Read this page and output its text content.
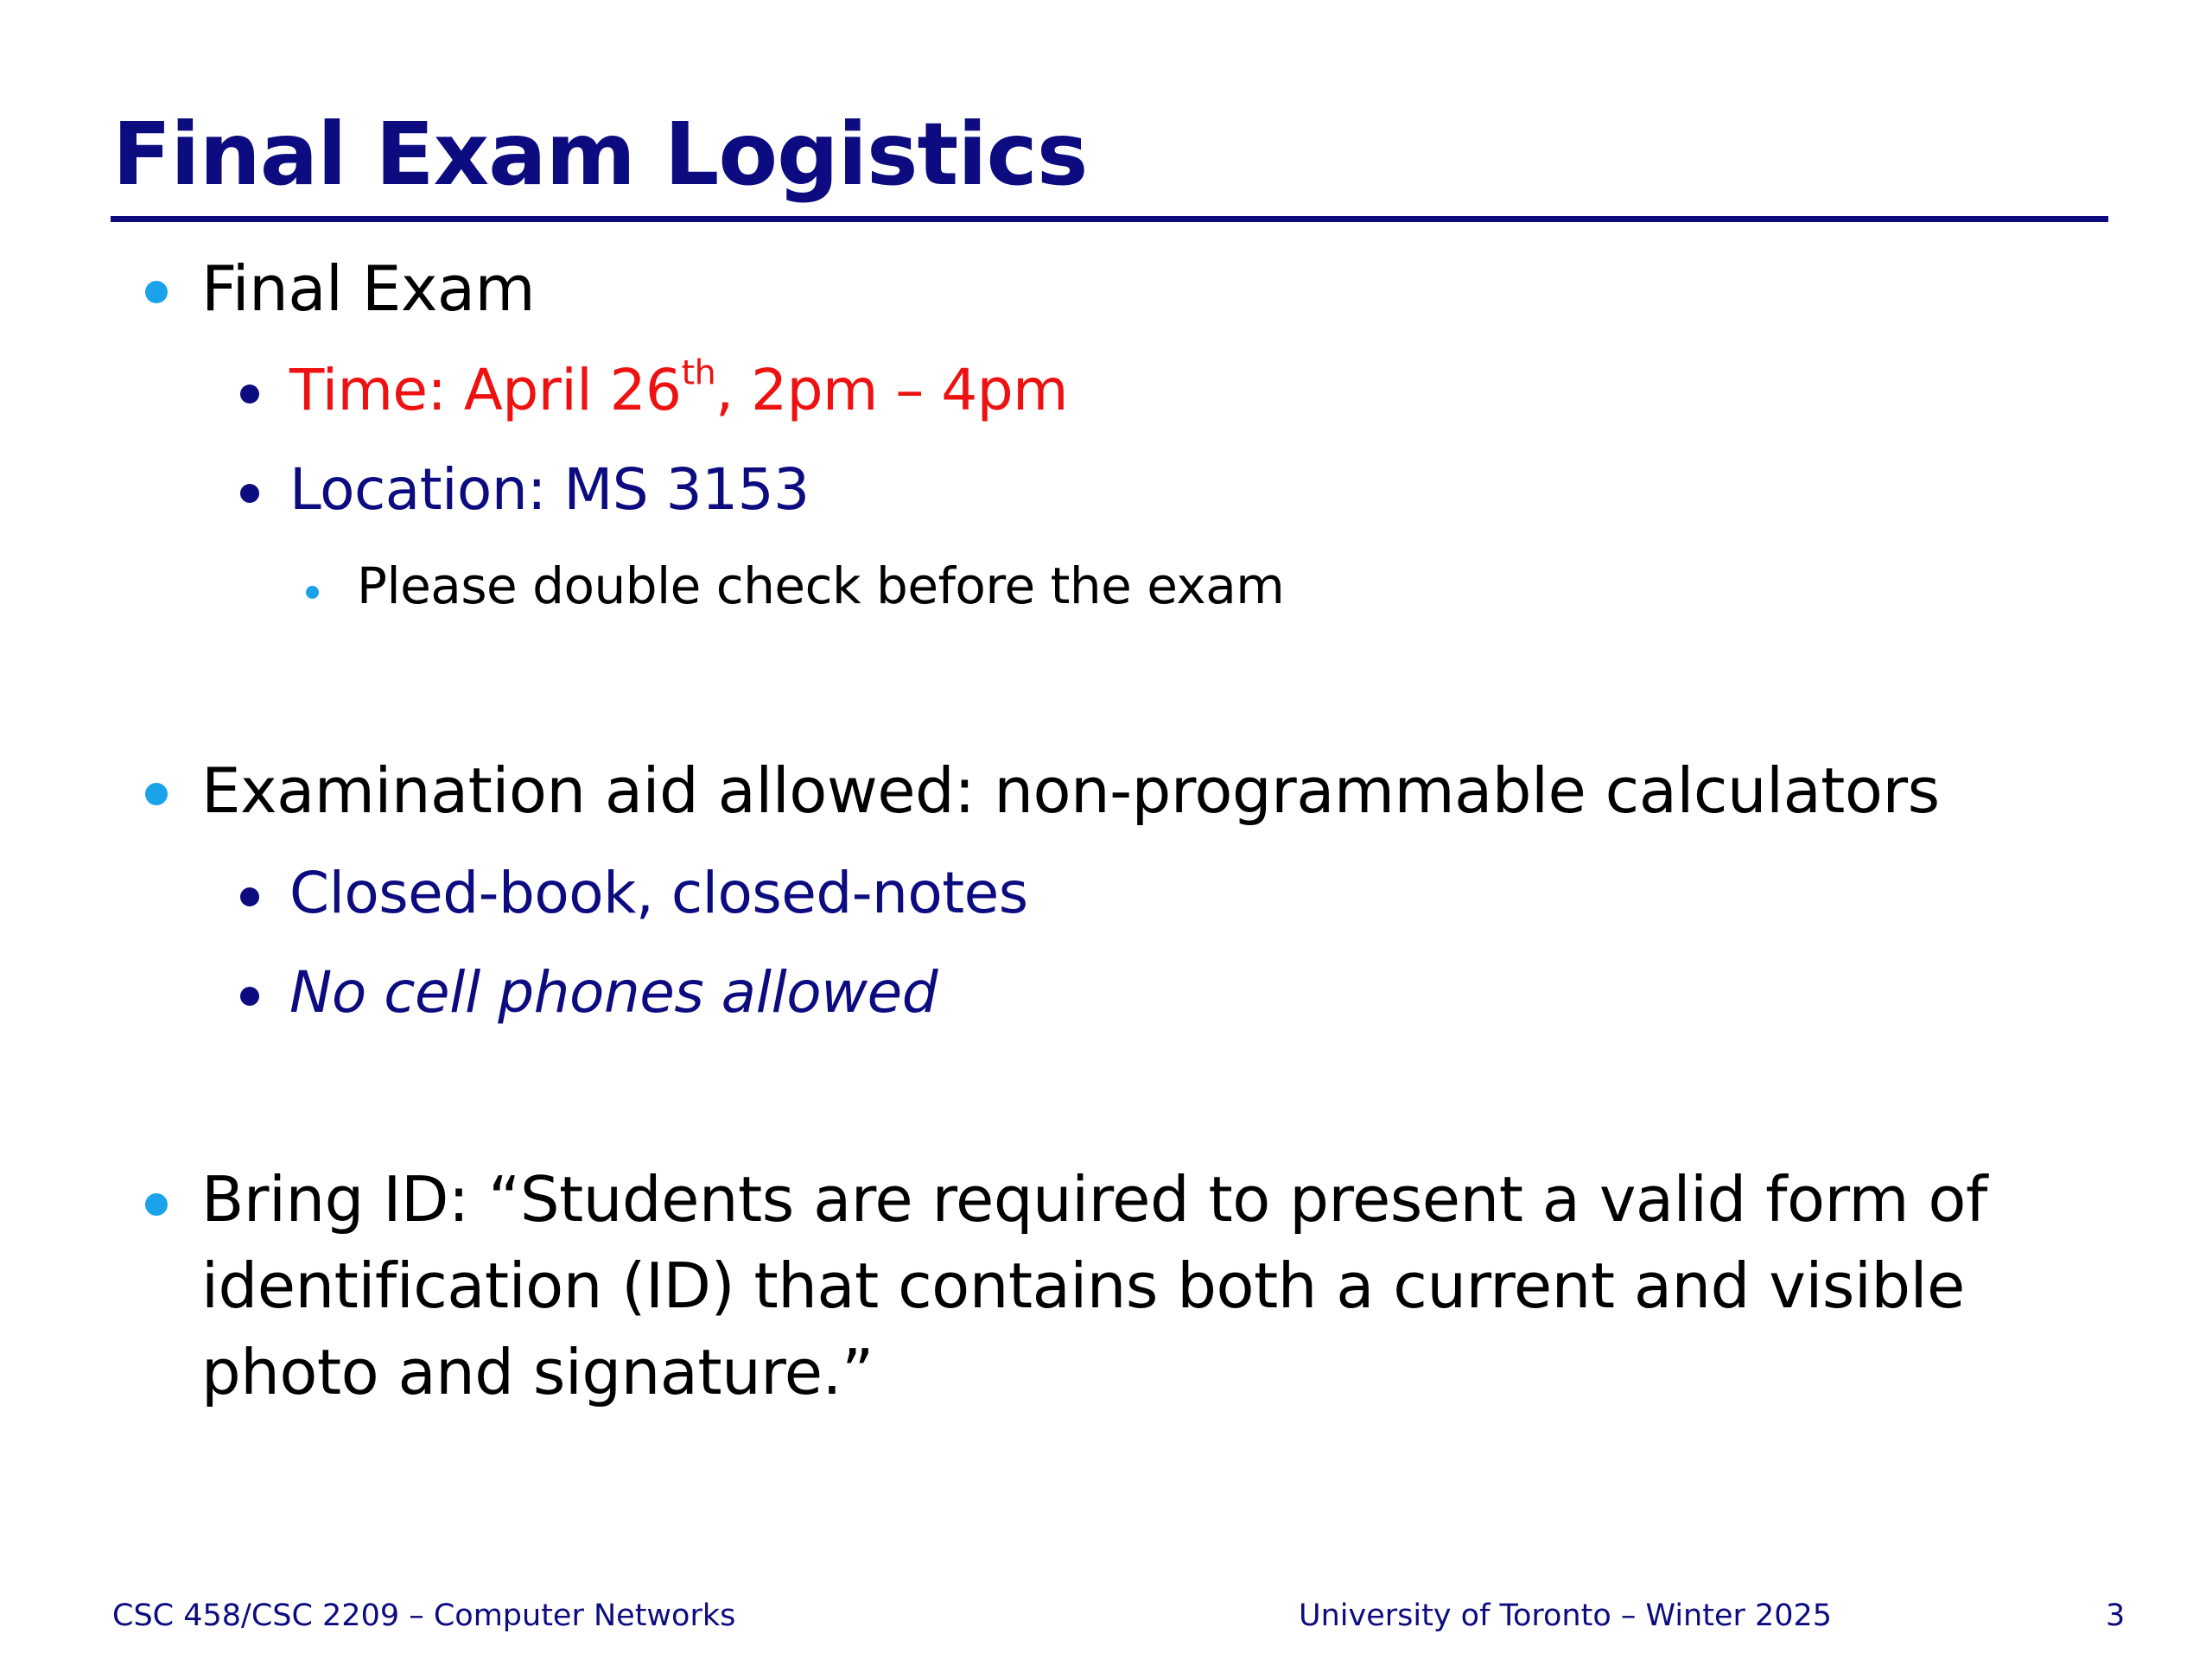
Final Exam Logistics
Final Exam
Time: April 26th, 2pm – 4pm
Location: MS 3153
Please double check before the exam
Examination aid allowed: non-programmable calculators
Closed-book, closed-notes
No cell phones allowed
Bring ID: “Students are required to present a valid form of
identification (ID) that contains both a current and visible
photo and signature.”
CSC 458/CSC 2209 – Computer Networks	University of Toronto – Winter 2025	3
